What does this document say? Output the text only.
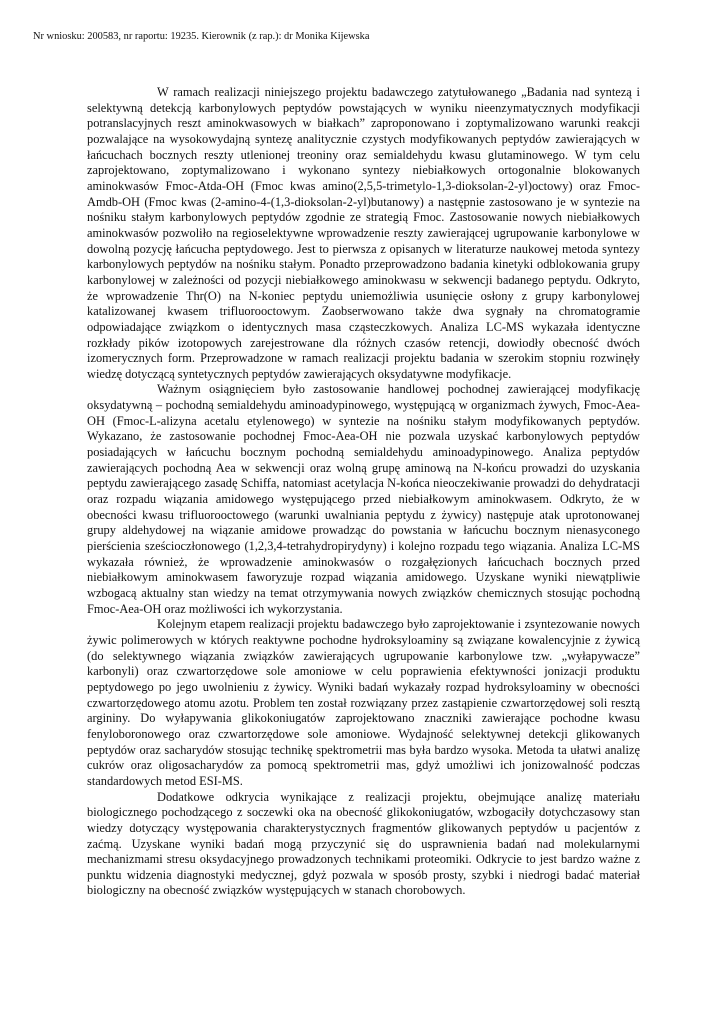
Nr wniosku: 200583, nr raportu: 19235. Kierownik (z rap.): dr Monika Kijewska

W ramach realizacji niniejszego projektu badawczego zatytułowanego „Badania nad syntezą i selektywną detekcją karbonylowych peptydów powstających w wyniku nieenzymatycznych modyfikacji potranslacyjnych reszt aminokwasowych w białkach” zaproponowano i zoptymalizowano warunki reakcji pozwalające na wysokowydajną syntezę analitycznie czystych modyfikowanych peptydów zawierających w łańcuchach bocznych reszty utlenionej treoniny oraz semialdehydu kwasu glutaminowego. W tym celu zaprojektowano, zoptymalizowano i wykonano syntezy niebiałkowych ortogonalnie blokowanych aminokwasów Fmoc-Atda-OH (Fmoc kwas amino(2,5,5-trimetylo-1,3-dioksolan-2-yl)octowy) oraz Fmoc-Amdb-OH (Fmoc kwas (2-amino-4-(1,3-dioksolan-2-yl)butanowy) a następnie zastosowano je w syntezie na nośniku stałym karbonylowych peptydów zgodnie ze strategią Fmoc. Zastosowanie nowych niebiałkowych aminokwasów pozwoliło na regioselektywne wprowadzenie reszty zawierającej ugrupowanie karbonylowe w dowolną pozycję łańcucha peptydowego. Jest to pierwsza z opisanych w literaturze naukowej metoda syntezy karbonylowych peptydów na nośniku stałym. Ponadto przeprowadzono badania kinetyki odblokowania grupy karbonylowej w zależności od pozycji niebiałkowego aminokwasu w sekwencji badanego peptydu. Odkryto, że wprowadzenie Thr(O) na N-koniec peptydu uniemożliwia usunięcie osłony z grupy karbonylowej katalizowanej kwasem trifluorooctowym. Zaobserwowano także dwa sygnały na chromatogramie odpowiadające związkom o identycznych masa cząsteczkowych. Analiza LC-MS wykazała identyczne rozkłady pików izotopowych zarejestrowane dla różnych czasów retencji, dowiodły obecność dwóch izomerycznych form. Przeprowadzone w ramach realizacji projektu badania w szerokim stopniu rozwinęły wiedzę dotyczącą syntetycznych peptydów zawierających oksydatywne modyfikacje.

Ważnym osiągnięciem było zastosowanie handlowej pochodnej zawierającej modyfikację oksydatywną – pochodną semialdehydu aminoadypinowego, występującą w organizmach żywych, Fmoc-Aea-OH (Fmoc-L-alizyna acetalu etylenowego) w syntezie na nośniku stałym modyfikowanych peptydów. Wykazano, że zastosowanie pochodnej Fmoc-Aea-OH nie pozwala uzyskać karbonylowych peptydów posiadających w łańcuchu bocznym pochodną semialdehydu aminoadypinowego. Analiza peptydów zawierających pochodną Aea w sekwencji oraz wolną grupę aminową na N-końcu prowadzi do uzyskania peptydu zawierającego zasadę Schiffa, natomiast acetylacja N-końca nieoczekiwanie prowadzi do dehydratacji oraz rozpadu wiązania amidowego występującego przed niebiałkowym aminokwasem. Odkryto, że w obecności kwasu trifluorooctowego (warunki uwalniania peptydu z żywicy) następuje atak uprotonowanej grupy aldehydowej na wiązanie amidowe prowadząc do powstania w łańcuchu bocznym nienasyconego pierścienia sześcioczłonowego (1,2,3,4-tetrahydropirydyny) i kolejno rozpadu tego wiązania. Analiza LC-MS wykazała również, że wprowadzenie aminokwasów o rozgałęzionych łańcuchach bocznych przed niebiałkowym aminokwasem faworyzuje rozpad wiązania amidowego. Uzyskane wyniki niewątpliwie wzbogacą aktualny stan wiedzy na temat otrzymywania nowych związków chemicznych stosując pochodną Fmoc-Aea-OH oraz możliwości ich wykorzystania.

Kolejnym etapem realizacji projektu badawczego było zaprojektowanie i zsyntezowanie nowych żywic polimerowych w których reaktywne pochodne hydroksyloaminy są związane kowalencyjnie z żywicą (do selektywnego wiązania związków zawierających ugrupowanie karbonylowe tzw. „wyłapywacze” karbonyli) oraz czwartorzędowe sole amoniowe w celu poprawienia efektywności jonizacji produktu peptydowego po jego uwolnieniu z żywicy. Wyniki badań wykazały rozpad hydroksyloaminy w obecności czwartorzędowego atomu azotu. Problem ten został rozwiązany przez zastąpienie czwartorzędowej soli resztą argininy. Do wyłapywania glikokoniugatów zaprojektowano znaczniki zawierające pochodne kwasu fenyloboronowego oraz czwartorzędowe sole amoniowe. Wydajność selektywnej detekcji glikowanych peptydów oraz sacharydów stosując technikę spektrometrii mas była bardzo wysoka. Metoda ta ułatwi analizę cukrów oraz oligosacharydów za pomocą spektrometrii mas, gdyż umożliwi ich jonizowalność podczas standardowych metod ESI-MS.

Dodatkowe odkrycia wynikające z realizacji projektu, obejmujące analizę materiału biologicznego pochodzącego z soczewki oka na obecność glikokoniugatów, wzbogaciły dotychczasowy stan wiedzy dotyczący występowania charakterystycznych fragmentów glikowanych peptydów u pacjentów z zaćmą. Uzyskane wyniki badań mogą przyczynić się do usprawnienia badań nad molekularnymi mechanizmami stresu oksydacyjnego prowadzonych technikami proteomiki. Odkrycie to jest bardzo ważne z punktu widzenia diagnostyki medycznej, gdyż pozwala w sposób prosty, szybki i niedrogi badać materiał biologiczny na obecność związków występujących w stanach chorobowych.
